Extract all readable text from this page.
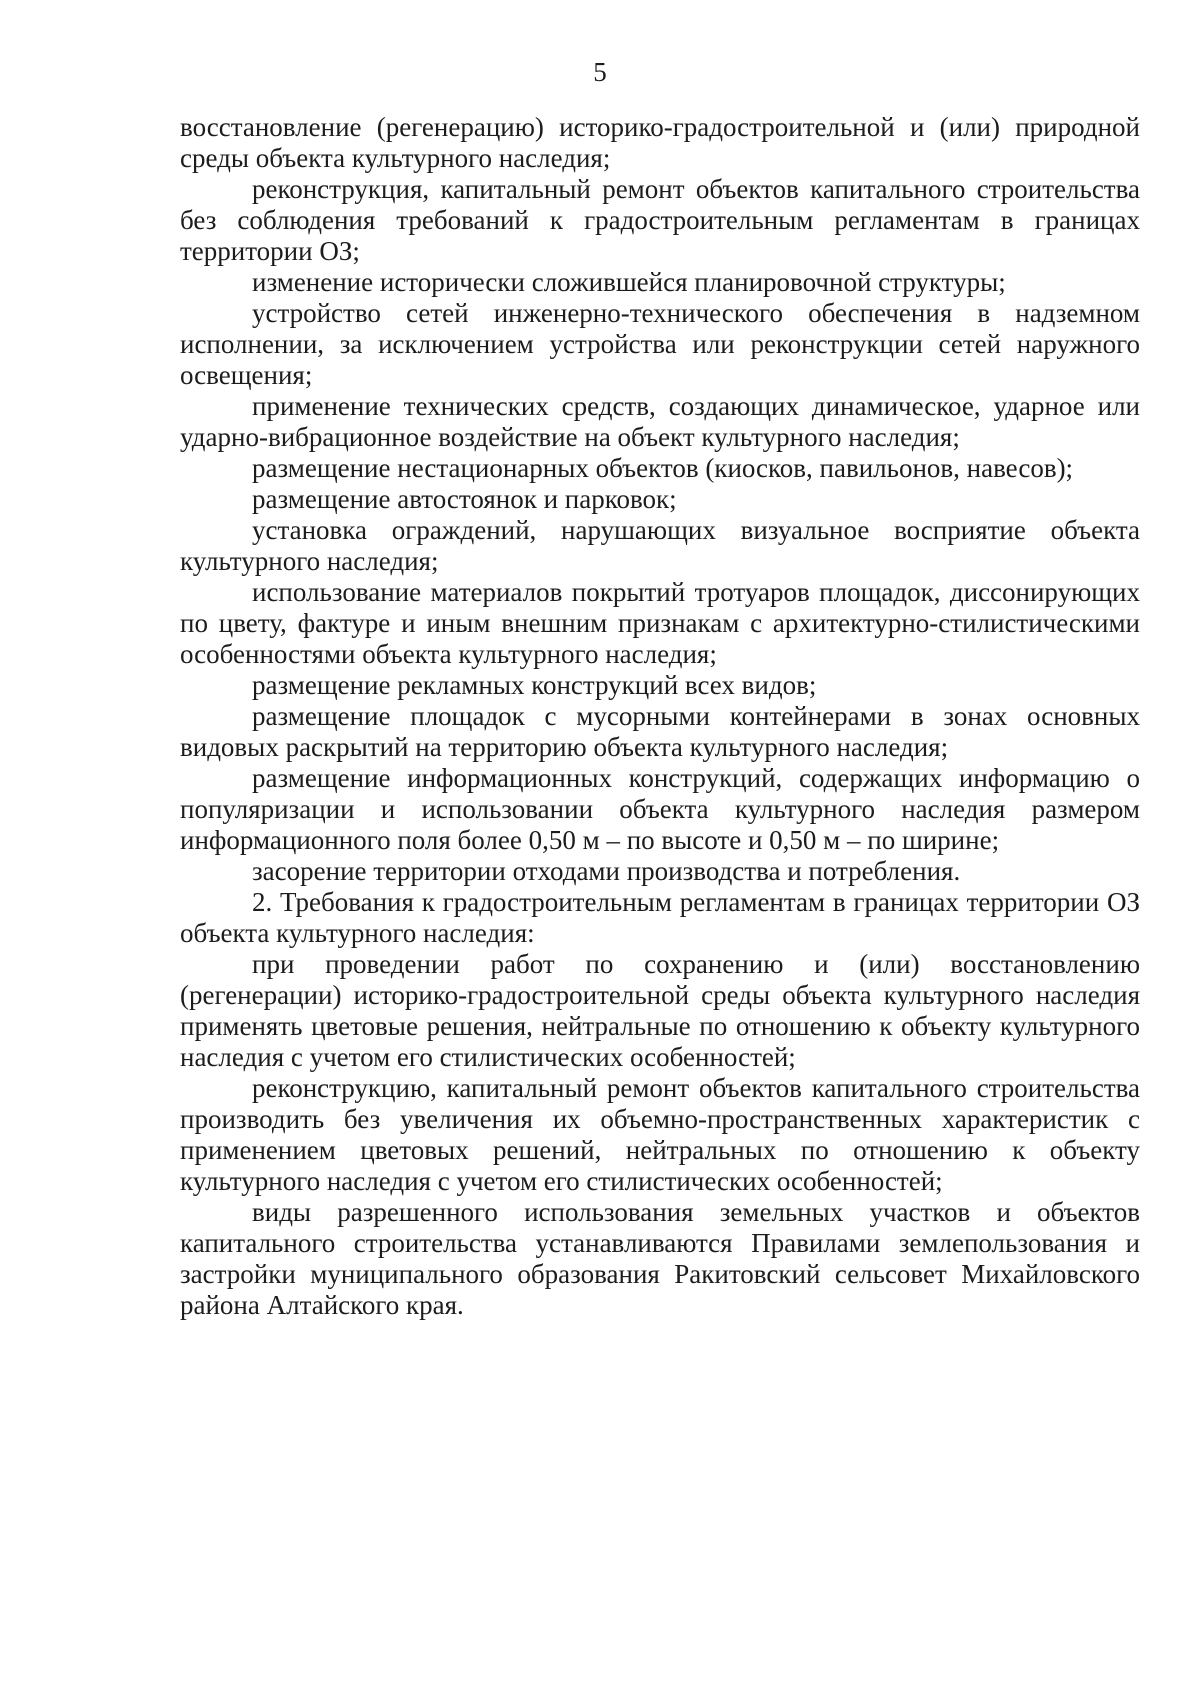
5

восстановление (регенерацию) историко-градостроительной и (или) природной среды объекта культурного наследия;

реконструкция, капитальный ремонт объектов капитального строительства без соблюдения требований к градостроительным регламентам в границах территории ОЗ;

изменение исторически сложившейся планировочной структуры;

устройство сетей инженерно-технического обеспечения в надземном исполнении, за исключением устройства или реконструкции сетей наружного освещения;

применение технических средств, создающих динамическое, ударное или ударно-вибрационное воздействие на объект культурного наследия;

размещение нестационарных объектов (киосков, павильонов, навесов);

размещение автостоянок и парковок;

установка ограждений, нарушающих визуальное восприятие объекта культурного наследия;

использование материалов покрытий тротуаров площадок, диссонирующих по цвету, фактуре и иным внешним признакам с архитектурно-стилистическими особенностями объекта культурного наследия;

размещение рекламных конструкций всех видов;

размещение площадок с мусорными контейнерами в зонах основных видовых раскрытий на территорию объекта культурного наследия;

размещение информационных конструкций, содержащих информацию о популяризации и использовании объекта культурного наследия размером информационного поля более 0,50 м – по высоте и 0,50 м – по ширине;

засорение территории отходами производства и потребления.

2. Требования к градостроительным регламентам в границах территории ОЗ объекта культурного наследия:

при проведении работ по сохранению и (или) восстановлению (регенерации) историко-градостроительной среды объекта культурного наследия применять цветовые решения, нейтральные по отношению к объекту культурного наследия с учетом его стилистических особенностей;

реконструкцию, капитальный ремонт объектов капитального строительства производить без увеличения их объемно-пространственных характеристик с применением цветовых решений, нейтральных по отношению к объекту культурного наследия с учетом его стилистических особенностей;

виды разрешенного использования земельных участков и объектов капитального строительства устанавливаются Правилами землепользования и застройки муниципального образования Ракитовский сельсовет Михайловского района Алтайского края.
